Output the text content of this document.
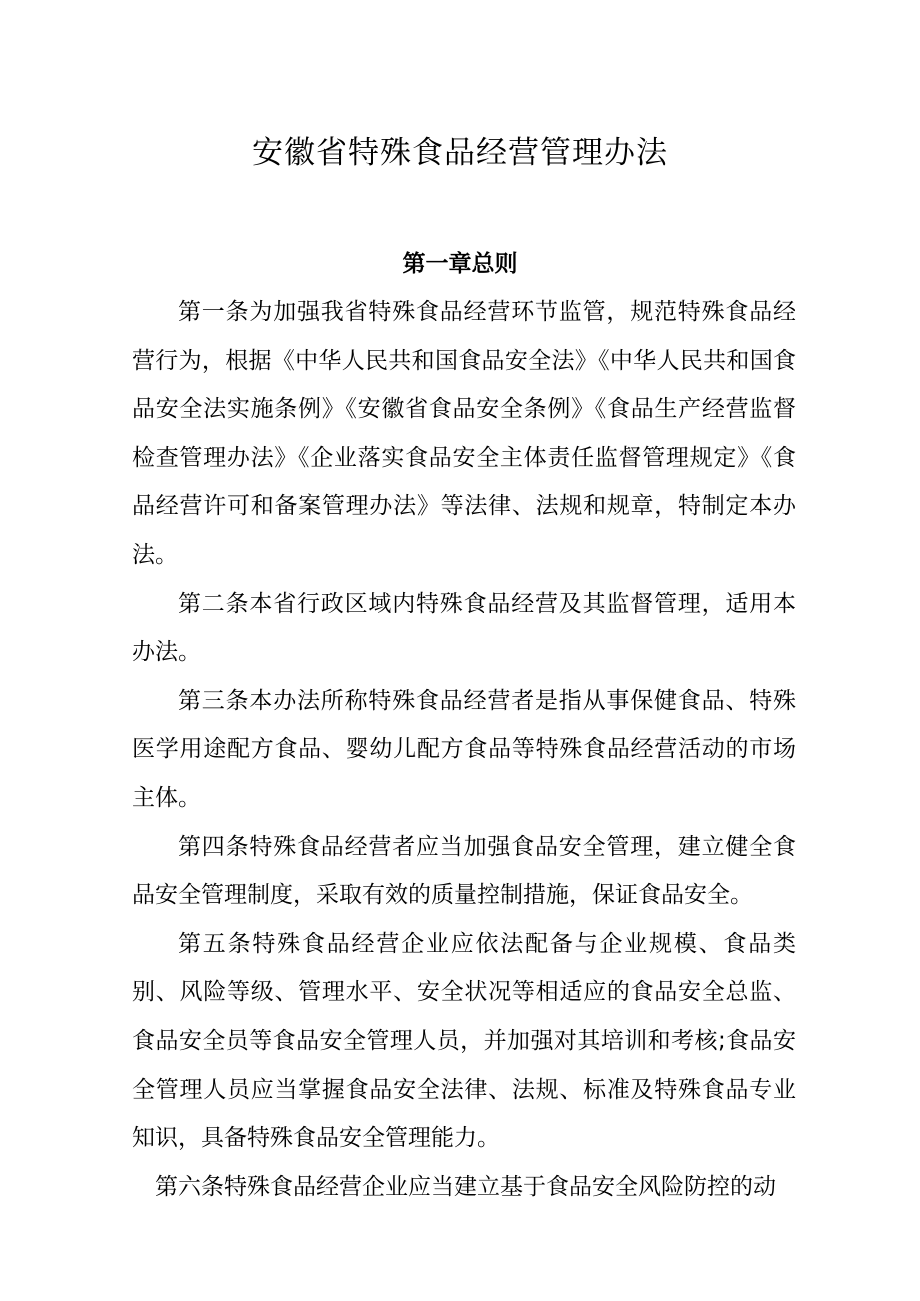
安徽省特殊食品经营管理办法
第一章总则

第一条为加强我省特殊食品经营环节监管，规范特殊食品经营行为，根据《中华人民共和国食品安全法》《中华人民共和国食品安全法实施条例》《安徽省食品安全条例》《食品生产经营监督检查管理办法》《企业落实食品安全主体责任监督管理规定》《食品经营许可和备案管理办法》等法律、法规和规章，特制定本办法。

第二条本省行政区域内特殊食品经营及其监督管理，适用本办法。

第三条本办法所称特殊食品经营者是指从事保健食品、特殊医学用途配方食品、婴幼儿配方食品等特殊食品经营活动的市场主体。

第四条特殊食品经营者应当加强食品安全管理，建立健全食品安全管理制度，采取有效的质量控制措施，保证食品安全。

第五条特殊食品经营企业应依法配备与企业规模、食品类别、风险等级、管理水平、安全状况等相适应的食品安全总监、食品安全员等食品安全管理人员，并加强对其培训和考核;食品安全管理人员应当掌握食品安全法律、法规、标准及特殊食品专业知识，具备特殊食品安全管理能力。

第六条特殊食品经营企业应当建立基于食品安全风险防控的动
